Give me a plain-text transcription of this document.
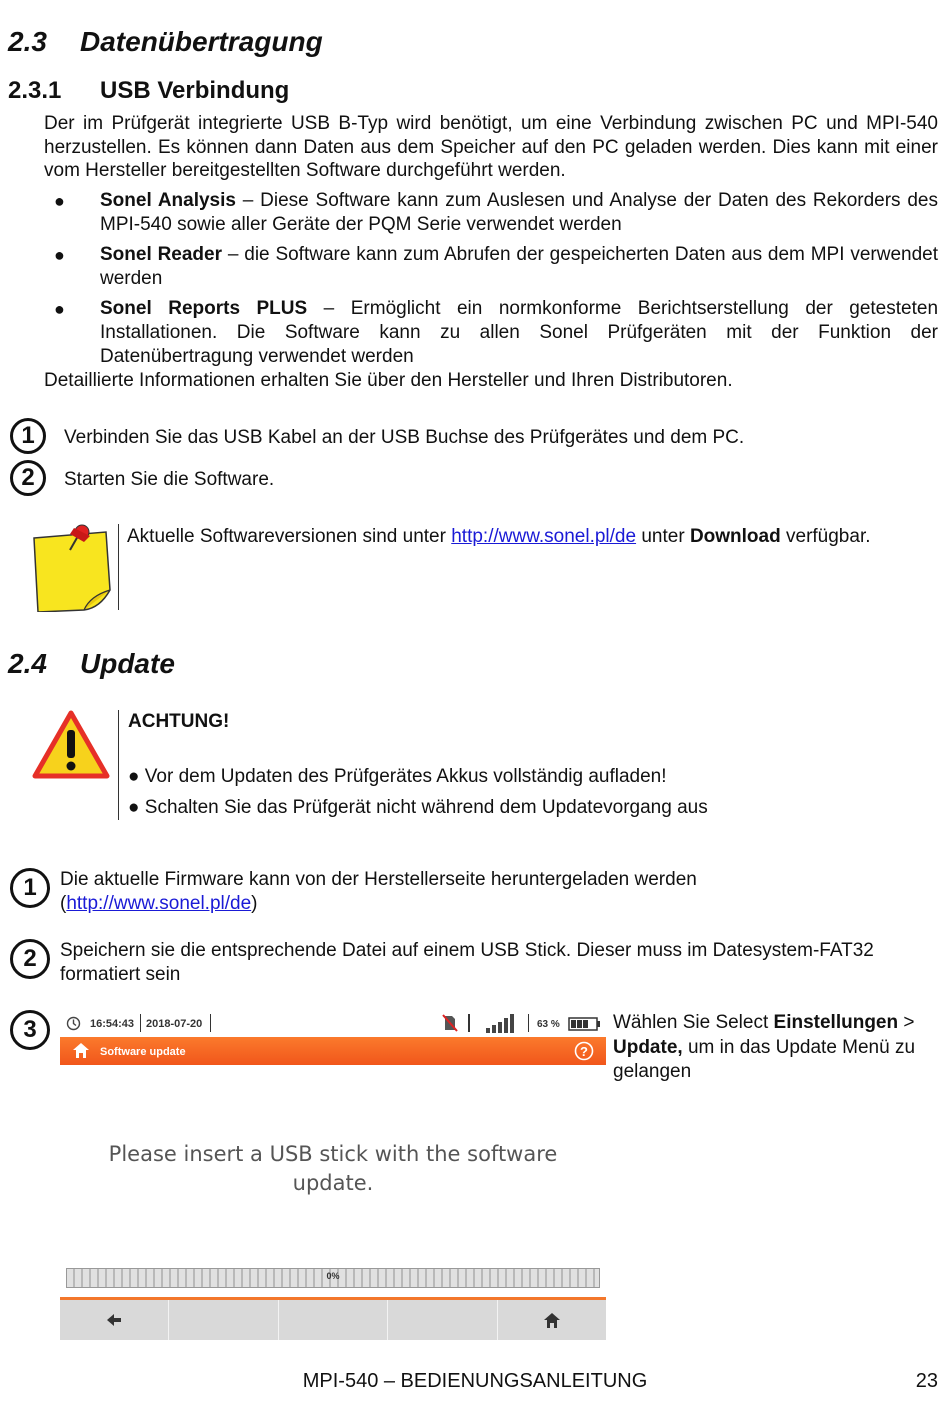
2.3 Datenübertragung
2.3.1 USB Verbindung
Der im Prüfgerät integrierte USB B-Typ wird benötigt, um eine Verbindung zwischen PC und MPI-540 herzustellen. Es können dann Daten aus dem Speicher auf den PC geladen werden. Dies kann mit einer vom Hersteller bereitgestellten Software durchgeführt werden.
● Sonel Analysis – Diese Software kann zum Auslesen und Analyse der Daten des Rekorders des MPI-540 sowie aller Geräte der PQM Serie verwendet werden
● Sonel Reader – die Software kann zum Abrufen der gespeicherten Daten aus dem MPI verwendet werden
● Sonel Reports PLUS – Ermöglicht ein normkonforme Berichtserstellung der getesteten Installationen. Die Software kann zu allen Sonel Prüfgeräten mit der Funktion der Datenübertragung verwendet werden
Detaillierte Informationen erhalten Sie über den Hersteller und Ihren Distributoren.
1	Verbinden Sie das USB Kabel an der USB Buchse des Prüfgerätes und dem PC.
2	Starten Sie die Software.
Aktuelle Softwareversionen sind unter http://www.sonel.pl/de unter Download verfügbar.
2.4 Update
ACHTUNG!
● Vor dem Updaten des Prüfgerätes Akkus vollständig aufladen!
● Schalten Sie das Prüfgerät nicht während dem Updatevorgang aus
1	Die aktuelle Firmware kann von der Herstellerseite heruntergeladen werden
(http://www.sonel.pl/de)
2	Speichern sie die entsprechende Datei auf einem USB Stick. Dieser muss im Datesystem-FAT32 formatiert sein
3	Wählen Sie Select Einstellungen > Update, um in das Update Menü zu gelangen
16:54:43 2018-07-20	63 %
Software update	?
Please insert a USB stick with the software update.
0%
MPI-540 – BEDIENUNGSANLEITUNG	23
